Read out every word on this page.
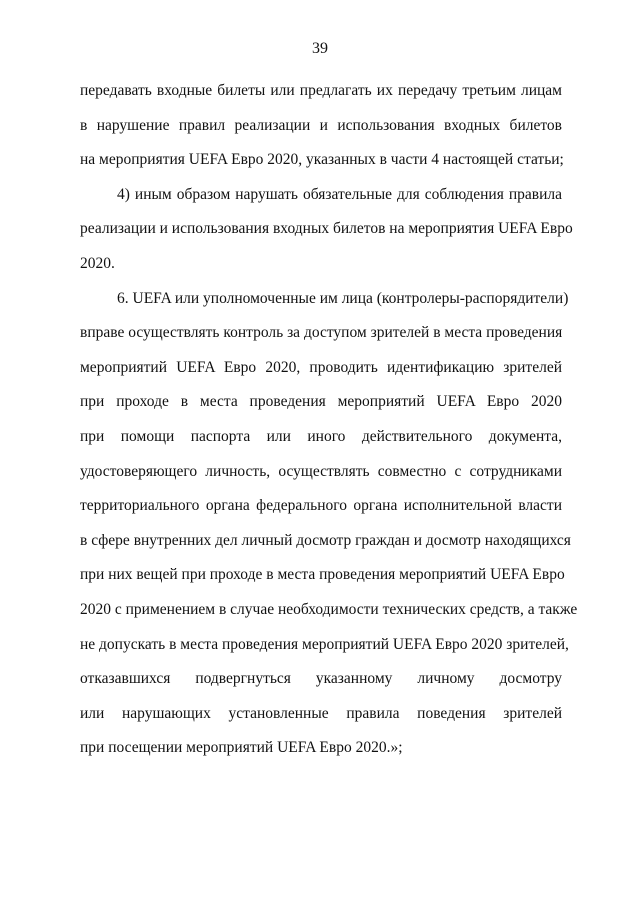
39
передавать входные билеты или предлагать их передачу третьим лицам
в нарушение правил реализации и использования входных билетов
на мероприятия UEFA Евро 2020, указанных в части 4 настоящей статьи;
4) иным образом нарушать обязательные для соблюдения правила
реализации и использования входных билетов на мероприятия UEFA Евро
2020.
6. UEFA или уполномоченные им лица (контролеры-распорядители)
вправе осуществлять контроль за доступом зрителей в места проведения
мероприятий UEFA Евро 2020, проводить идентификацию зрителей
при проходе в места проведения мероприятий UEFA Евро 2020
при помощи паспорта или иного действительного документа,
удостоверяющего личность, осуществлять совместно с сотрудниками
территориального органа федерального органа исполнительной власти
в сфере внутренних дел личный досмотр граждан и досмотр находящихся
при них вещей при проходе в места проведения мероприятий UEFA Евро
2020 с применением в случае необходимости технических средств, а также
не допускать в места проведения мероприятий UEFA Евро 2020 зрителей,
отказавшихся подвергнуться указанному личному досмотру
или нарушающих установленные правила поведения зрителей
при посещении мероприятий UEFA Евро 2020.»;
